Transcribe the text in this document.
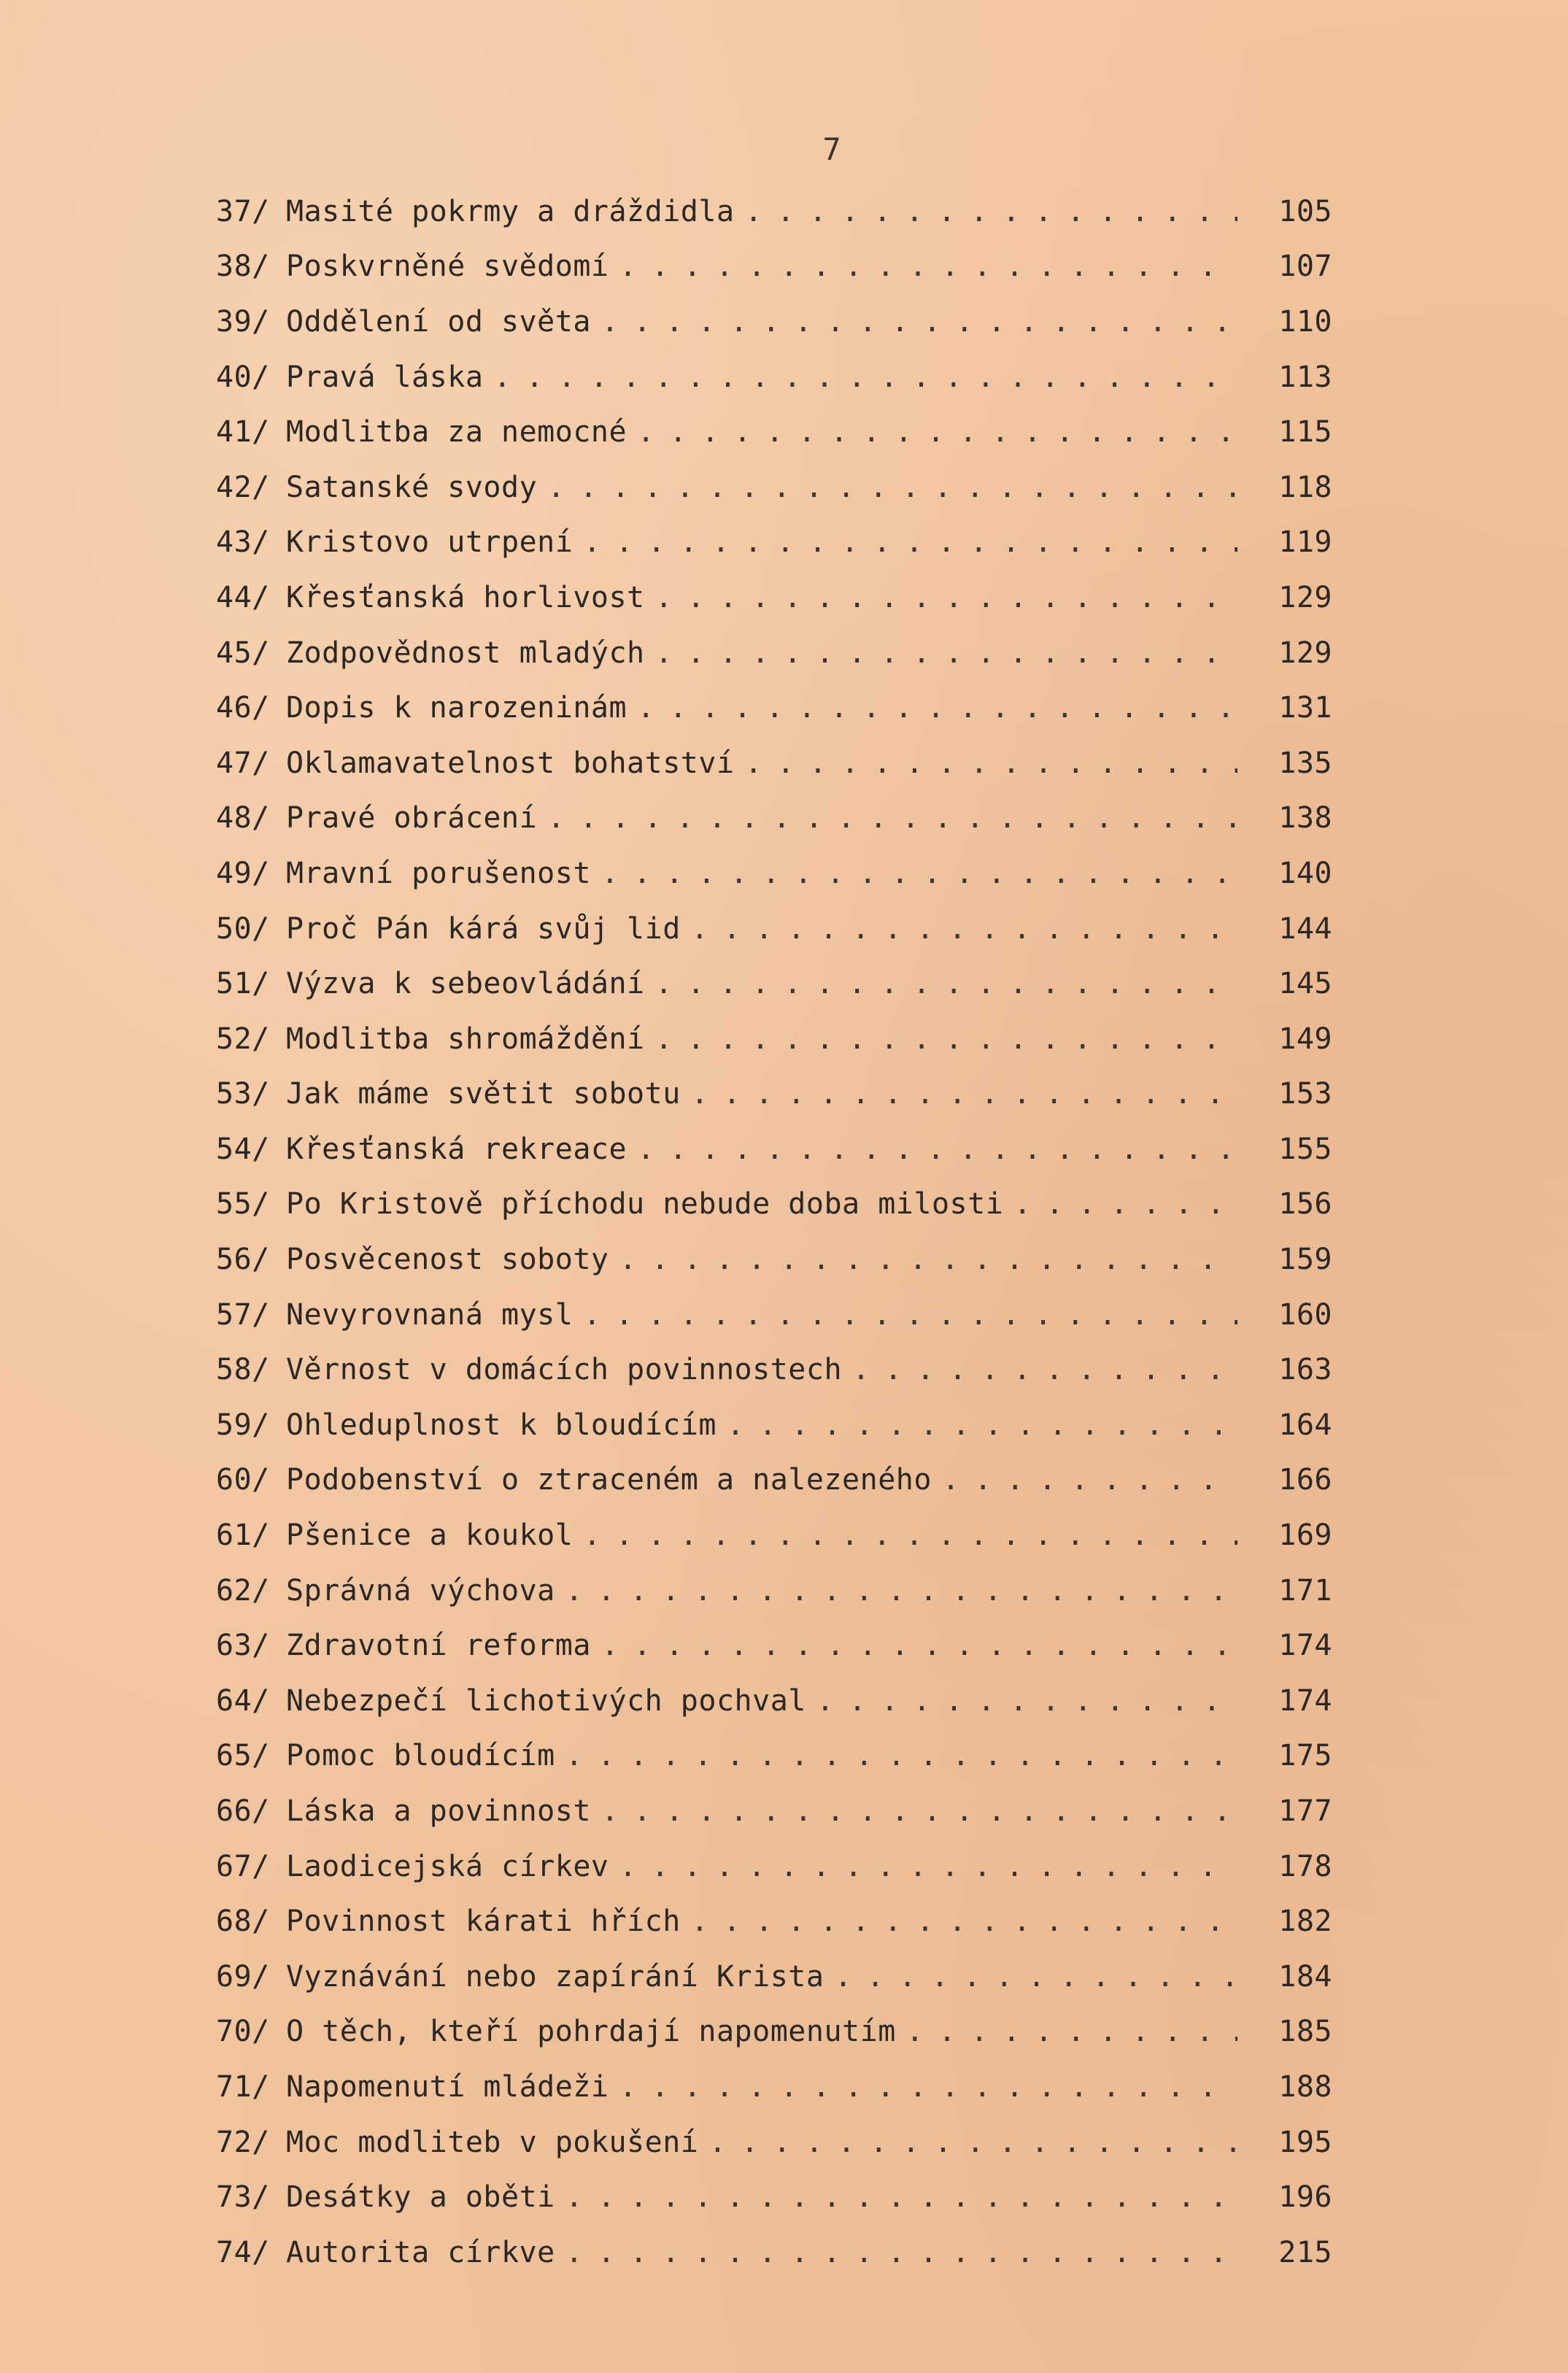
7
37/ Masité pokrmy a dráždidla . . .	105
38/ Poskvrněné svědomí . . .	107
39/ Oddělení od světa . . .	110
40/ Pravá láska . . .	113
41/ Modlitba za nemocné . . .	115
42/ Satanské svody . . .	118
43/ Kristovo utrpení . . .	119
44/ Křesťanská horlivost . . .	129
45/ Zodpovědnost mladých . . .	129
46/ Dopis k narozeninám . . .	131
47/ Oklamavatelnost bohatství . . .	135
48/ Pravé obrácení . . .	138
49/ Mravní porušenost . . .	140
50/ Proč Pán kárá svůj lid . . .	144
51/ Výzva k sebeovládání . . .	145
52/ Modlitba shromáždění . . .	149
53/ Jak máme světit sobotu . . .	153
54/ Křesťanská rekreace . . .	155
55/ Po Kristově příchodu nebude doba milosti . . .	156
56/ Posvěcenost soboty . . .	159
57/ Nevyrovnaná mysl . . .	160
58/ Věrnost v domácích povinnostech . . .	163
59/ Ohleduplnost k bloudícím . . .	164
60/ Podobenství o ztraceném a nalezeného . . .	166
61/ Pšenice a koukol . . .	169
62/ Správná výchova . . .	171
63/ Zdravotní reforma . . .	174
64/ Nebezpečí lichotivých pochval . . .	174
65/ Pomoc bloudícím . . .	175
66/ Láska a povinnost . . .	177
67/ Laodicejská církev . . .	178
68/ Povinnost kárati hřích . . .	182
69/ Vyznávání nebo zapírání Krista . . .	184
70/ O těch, kteří pohrdají napomenutím . . .	185
71/ Napomenutí mládeži . . .	188
72/ Moc modliteb v pokušení . . .	195
73/ Desátky a oběti . . .	196
74/ Autorita církve . . .	215
